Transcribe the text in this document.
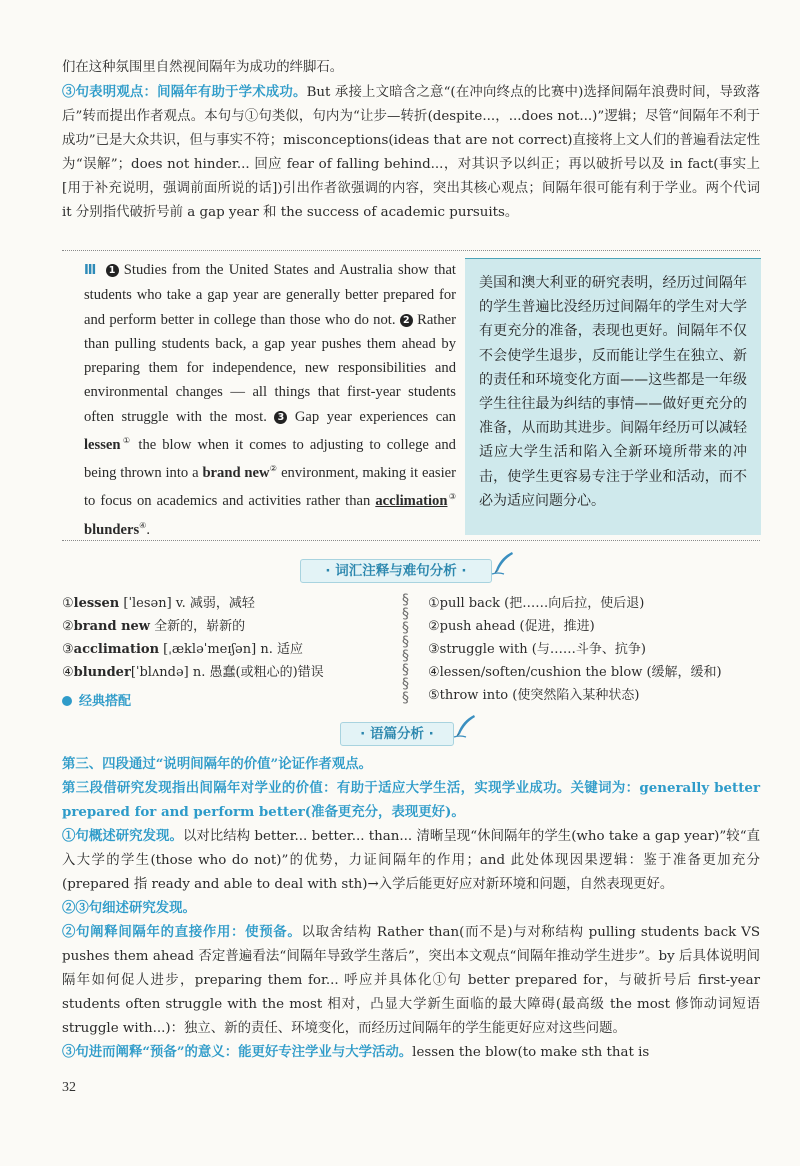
们在这种氛围里自然视间隔年为成功的绊脚石。

③句表明观点：间隔年有助于学术成功。But 承接上文暗含之意“(在冲向终点的比赛中)选择间隔年浪费时间，导致落后”转而提出作者观点。本句与①句类似，句内为“让步—转折(despite...，...does not...)”逻辑；尽管“间隔年不利于成功”已是大众共识，但与事实不符；misconceptions(ideas that are not correct)直接将上文人们的普遍看法定性为“误解”；does not hinder... 回应 fear of falling behind...，对其识予以纠正；再以破折号以及 in fact(事实上[用于补充说明，强调前面所说的话])引出作者欲强调的内容，突出其核心观点；间隔年很可能有利于学业。两个代词 it 分别指代破折号前 a gap year 和 the success of academic pursuits。

Ⅲ 1 Studies from the United States and Australia show that students who take a gap year are generally better prepared for and perform better in college than those who do not. 2 Rather than pulling students back, a gap year pushes them ahead by preparing them for independence, new responsibilities and environmental changes — all things that first-year students often struggle with the most. 3 Gap year experiences can lessen① the blow when it comes to adjusting to college and being thrown into a brand new② environment, making it easier to focus on academics and activities rather than acclimation③ blunders④.

美国和澳大利亚的研究表明，经历过间隔年的学生普遍比没经历过间隔年的学生对大学有更充分的准备，表现也更好。间隔年不仅不会使学生退步，反而能让学生在独立、新的责任和环境变化方面——这些都是一年级学生往往最为纠结的事情——做好更充分的准备，从而助其进步。间隔年经历可以减轻适应大学生活和陷入全新环境所带来的冲击，使学生更容易专注于学业和活动，而不必为适应问题分心。

· 词汇注释与难句分析 ·
①lessen [ˈlesən] v. 减弱，减轻
②brand new 全新的，崭新的
③acclimation [ˌækləˈmeɪʃən] n. 适应
④blunder[ˈblʌndə] n. 愚蠢(或粗心的)错误
§
§
§
§
§
§
§
§
①pull back (把……向后拉，使后退)
②push ahead (促进，推进)
③struggle with (与……斗争、抗争)
④lessen/soften/cushion the blow (缓解，缓和)
⑤throw into (使突然陷入某种状态)
经典搭配
· 语篇分析 ·

第三、四段通过“说明间隔年的价值”论证作者观点。

第三段借研究发现指出间隔年对学业的价值：有助于适应大学生活，实现学业成功。关键词为：generally better prepared for and perform better(准备更充分，表现更好)。

①句概述研究发现。以对比结构 better... better... than... 清晰呈现“休间隔年的学生(who take a gap year)”较“直入大学的学生(those who do not)”的优势，力证间隔年的作用；and 此处体现因果逻辑：鉴于准备更加充分(prepared 指 ready and able to deal with sth)→入学后能更好应对新环境和问题，自然表现更好。

②③句细述研究发现。

②句阐释间隔年的直接作用：使预备。以取舍结构 Rather than(而不是)与对称结构 pulling students back VS pushes them ahead 否定普遍看法“间隔年导致学生落后”，突出本文观点“间隔年推动学生进步”。by 后具体说明间隔年如何促人进步，preparing them for... 呼应并具体化①句 better prepared for，与破折号后 first-year students often struggle with the most 相对，凸显大学新生面临的最大障碍(最高级 the most 修饰动词短语 struggle with...)：独立、新的责任、环境变化，而经历过间隔年的学生能更好应对这些问题。

③句进而阐释“预备”的意义：能更好专注学业与大学活动。lessen the blow(to make sth that is

32
